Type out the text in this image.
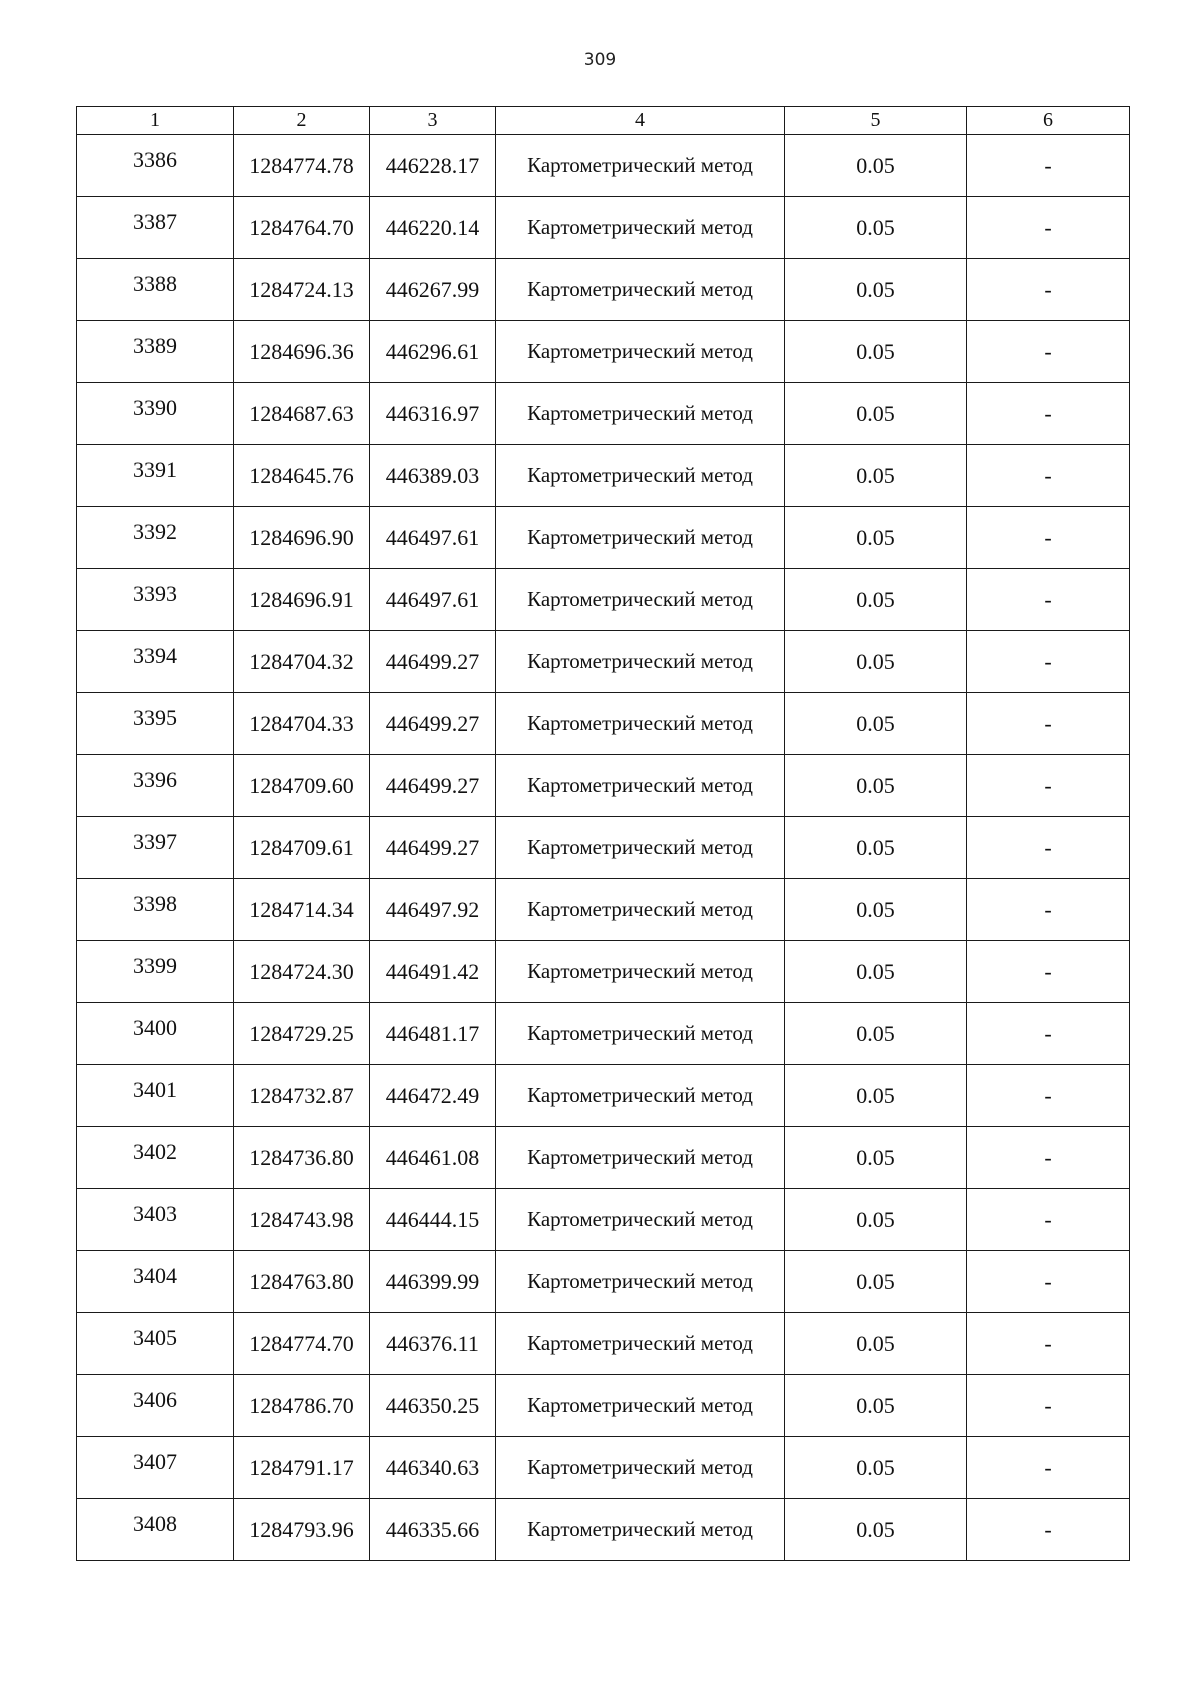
309
1	2	3	4	5	6
3386	1284774.78	446228.17	Картометрический метод	0.05	-
3387	1284764.70	446220.14	Картометрический метод	0.05	-
3388	1284724.13	446267.99	Картометрический метод	0.05	-
3389	1284696.36	446296.61	Картометрический метод	0.05	-
3390	1284687.63	446316.97	Картометрический метод	0.05	-
3391	1284645.76	446389.03	Картометрический метод	0.05	-
3392	1284696.90	446497.61	Картометрический метод	0.05	-
3393	1284696.91	446497.61	Картометрический метод	0.05	-
3394	1284704.32	446499.27	Картометрический метод	0.05	-
3395	1284704.33	446499.27	Картометрический метод	0.05	-
3396	1284709.60	446499.27	Картометрический метод	0.05	-
3397	1284709.61	446499.27	Картометрический метод	0.05	-
3398	1284714.34	446497.92	Картометрический метод	0.05	-
3399	1284724.30	446491.42	Картометрический метод	0.05	-
3400	1284729.25	446481.17	Картометрический метод	0.05	-
3401	1284732.87	446472.49	Картометрический метод	0.05	-
3402	1284736.80	446461.08	Картометрический метод	0.05	-
3403	1284743.98	446444.15	Картометрический метод	0.05	-
3404	1284763.80	446399.99	Картометрический метод	0.05	-
3405	1284774.70	446376.11	Картометрический метод	0.05	-
3406	1284786.70	446350.25	Картометрический метод	0.05	-
3407	1284791.17	446340.63	Картометрический метод	0.05	-
3408	1284793.96	446335.66	Картометрический метод	0.05	-
